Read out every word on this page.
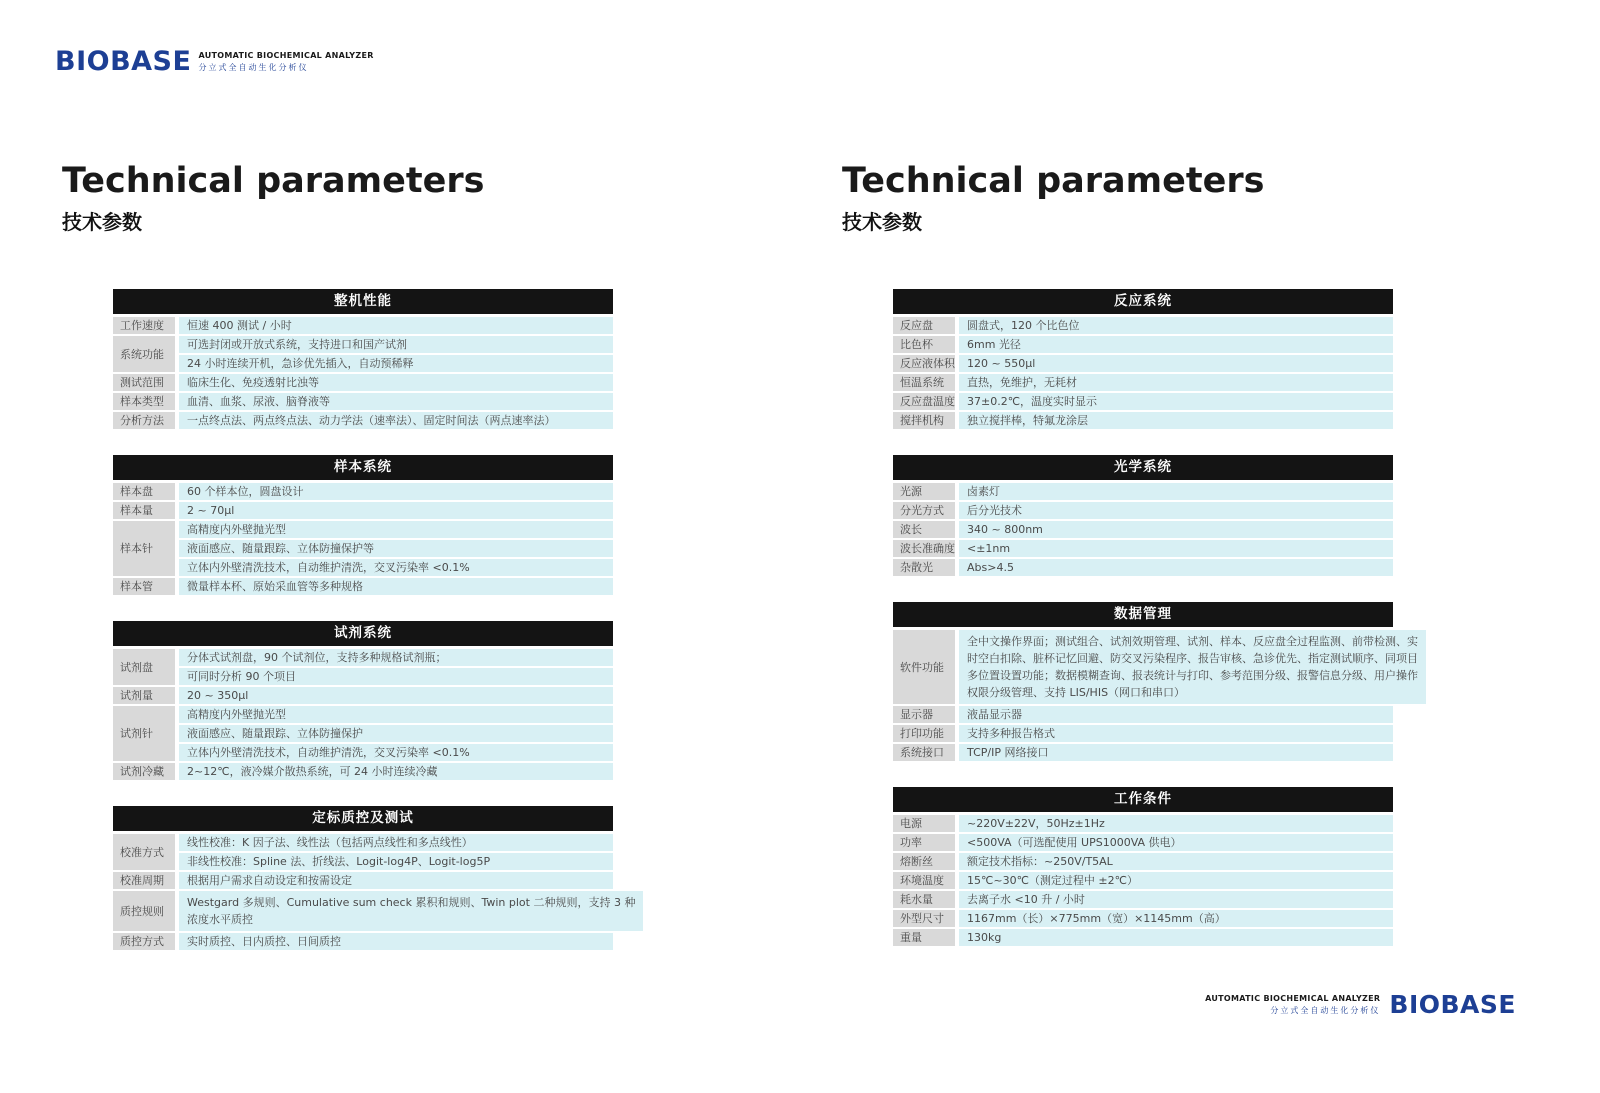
BIOBASE AUTOMATIC BIOCHEMICAL ANALYZER
分立式全自动生化分析仪
Technical parameters
技术参数
整机性能
工作速度	恒速 400 测试 / 小时
系统功能
可选封闭或开放式系统，支持进口和国产试剂
24 小时连续开机，急诊优先插入，自动预稀释
测试范围	临床生化、免疫透射比浊等
样本类型	血清、血浆、尿液、脑脊液等
分析方法	一点终点法、两点终点法、动力学法（速率法）、固定时间法（两点速率法）
样本系统
样本盘	60 个样本位，圆盘设计
样本量	2 ~ 70μl
样本针
高精度内外壁抛光型
液面感应、随量跟踪、立体防撞保护等
立体内外壁清洗技术，自动维护清洗，交叉污染率 <0.1%
样本管	微量样本杯、原始采血管等多种规格
试剂系统
试剂盘
分体式试剂盘，90 个试剂位，支持多种规格试剂瓶；
可同时分析 90 个项目
试剂量	20 ~ 350μl
试剂针
高精度内外壁抛光型
液面感应、随量跟踪、立体防撞保护
立体内外壁清洗技术，自动维护清洗，交叉污染率 <0.1%
试剂冷藏	2~12℃，液冷媒介散热系统，可 24 小时连续冷藏
定标质控及测试
校准方式
线性校准：K 因子法、线性法（包括两点线性和多点线性）
非线性校准：Spline 法、折线法、Logit-log4P、Logit-log5P
校准周期	根据用户需求自动设定和按需设定
质控规则
Westgard 多规则、Cumulative sum check 累积和规则、Twin plot 二种规则，支持 3 种
浓度水平质控
质控方式	实时质控、日内质控、日间质控
Technical parameters
技术参数
反应系统
反应盘	圆盘式，120 个比色位
比色杯	6mm 光径
反应液体积	120 ~ 550μl
恒温系统	直热，免维护，无耗材
反应盘温度	37±0.2℃，温度实时显示
搅拌机构	独立搅拌棒，特氟龙涂层
光学系统
光源	卤素灯
分光方式	后分光技术
波长	340 ~ 800nm
波长准确度	<±1nm
杂散光	Abs>4.5
数据管理
软件功能
全中文操作界面；测试组合、试剂效期管理、试剂、样本、反应盘全过程监测、前带检测、实
时空白扣除、脏杯记忆回避、防交叉污染程序、报告审核、急诊优先、指定测试顺序、同项目
多位置设置功能；数据模糊查询、报表统计与打印、参考范围分级、报警信息分级、用户操作
权限分级管理、支持 LIS/HIS（网口和串口）
显示器	液晶显示器
打印功能	支持多种报告格式
系统接口	TCP/IP 网络接口
工作条件
电源	~220V±22V，50Hz±1Hz
功率	<500VA（可选配使用 UPS1000VA 供电）
熔断丝	额定技术指标：~250V/T5AL
环境温度	15℃~30℃（测定过程中 ±2℃）
耗水量	去离子水 <10 升 / 小时
外型尺寸	1167mm（长）×775mm（宽）×1145mm（高）
重量	130kg
AUTOMATIC BIOCHEMICAL ANALYZER
分立式全自动生化分析仪 BIOBASE
